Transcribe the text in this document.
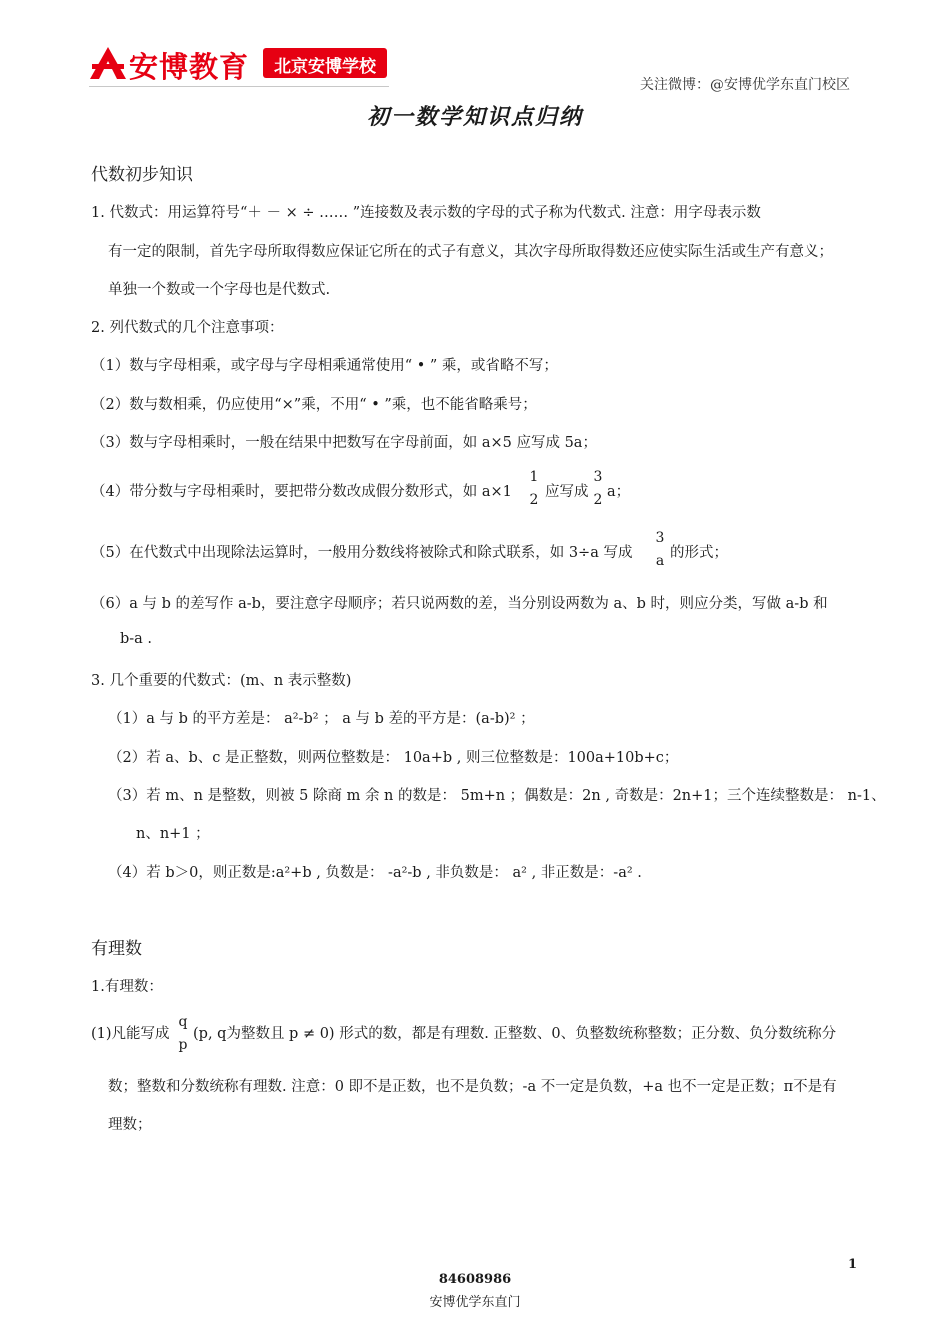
安博教育	北京安博学校
关注微博：@安博优学东直门校区
初一数学知识点归纳
代数初步知识
1. 代数式：用运算符号“＋ － × ÷ …… ”连接数及表示数的字母的式子称为代数式. 注意：用字母表示数
有一定的限制，首先字母所取得数应保证它所在的式子有意义，其次字母所取得数还应使实际生活或生产有意义；
单独一个数或一个字母也是代数式.
2. 列代数式的几个注意事项：
（1）数与字母相乘，或字母与字母相乘通常使用“ • ” 乘，或省略不写；
（2）数与数相乘，仍应使用“×”乘，不用“ • ”乘，也不能省略乘号；
（3）数与字母相乘时，一般在结果中把数写在字母前面，如 a×5 应写成 5a；
（4）带分数与字母相乘时，要把带分数改成假分数形式，如 a×1
1
2 应写成
3
2 a；
（5）在代数式中出现除法运算时，一般用分数线将被除式和除式联系，如 3÷a 写成
3
a 的形式；
（6）a 与 b 的差写作 a-b，要注意字母顺序；若只说两数的差，当分别设两数为 a、b 时，则应分类，写做 a-b 和
b-a .
3. 几个重要的代数式：(m、n 表示整数)
（1）a 与 b 的平方差是： a²-b² ； a 与 b 差的平方是：(a-b)² ；
（2）若 a、b、c 是正整数，则两位整数是： 10a+b , 则三位整数是：100a+10b+c；
（3）若 m、n 是整数，则被 5 除商 m 余 n 的数是： 5m+n ；偶数是：2n , 奇数是：2n+1；三个连续整数是： n-1、
n、n+1 ；
（4）若 b＞0，则正数是:a²+b , 负数是： -a²-b , 非负数是： a² , 非正数是：-a² .
有理数
1.有理数：
(1)凡能写成
q
p
(p, q为整数且 p ≠ 0) 形式的数，都是有理数. 正整数、0、负整数统称整数；正分数、负分数统称分
数；整数和分数统称有理数. 注意：0 即不是正数，也不是负数；-a 不一定是负数，+a 也不一定是正数；π不是有
理数；
1
84608986
安博优学东直门
